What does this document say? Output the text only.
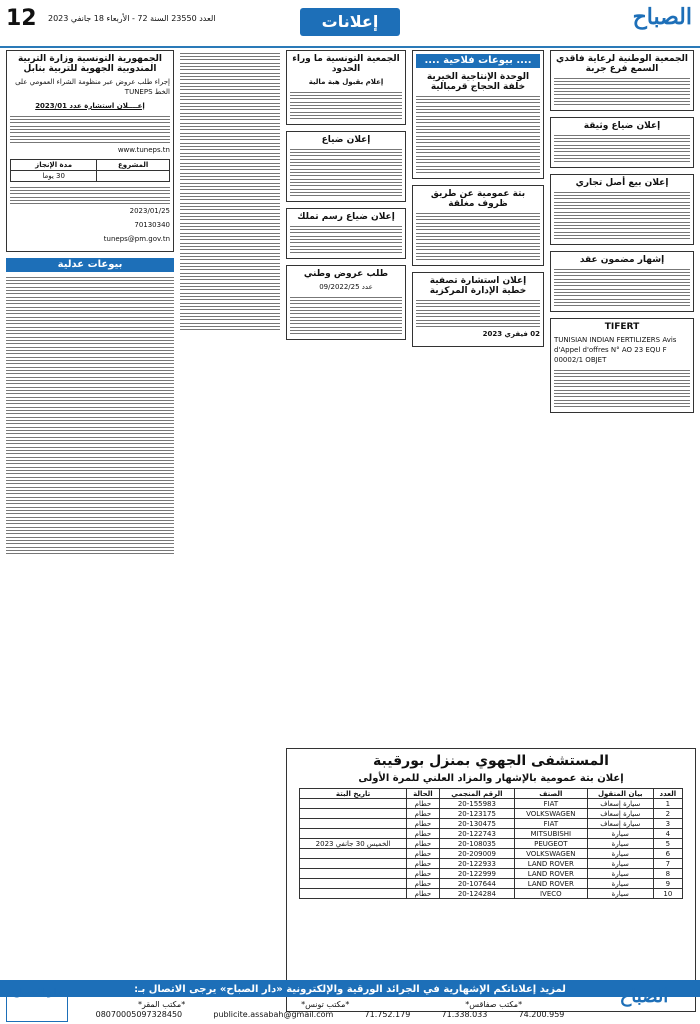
12 العدد 23550 السنة 72 - الأربعاء 18 جانفي 2023	إعلانات	الصباح
الجمهورية التونسية وزارة التربية المندوبية الجهوية للتربية بنابل

إجراء طلب عروض عبر منظومة الشراء العمومي على الخط TUNEPS

إعــــلان استشارة عدد 2023/01

www.tuneps.tn

المشروع	مدة الإنجاز
	30 يوما

2023/01/25

70130340

tuneps@pm.gov.tn

بيوعات عدلية
الجمعية التونسية ما وراء الحدود

إعلام بقبول هبة مالية

إعلان ضياع
إعلان ضياع رسم تملك
طلب عروض وطني

عدد 09/2022/25

.... بيوعات فلاحية ....
الوحدة الإنتاجية الخيرية خلفة الحجاج قرمبالية
بتة عمومية عن طريق ظروف مغلقة
إعلان استشارة تصفية خطية الإدارة المركزية

02 فيفري 2023

الجمعية الوطنية لرعاية فاقدي السمع فرع جربة
إعلان ضياع وثيقة
إعلان بيع أصل تجاري
إشهار مضمون عقد
TIFERT

TUNISIAN INDIAN FERTILIZERS Avis d'Appel d'offres N° AO 23 EQU F 00002/1 OBJET

المستشفى الجهوي بمنزل بورقيبة
إعلان بتة عمومية بالإشهار والمزاد العلني للمرة الأولى
العدد	بيان المنقول	الصنف	الرقم المنجمي	الحالة	تاريخ البتة
1	سيارة إسعاف	FIAT	20-155983	حطام	
2	سيارة إسعاف	VOLKSWAGEN	20-123175	حطام	
3	سيارة إسعاف	FIAT	20-130475	حطام	
4	سيارة	MITSUBISHI	20-122743	حطام	
5	سيارة	PEUGEOT	20-108035	حطام	الخميس 30 جانفي 2023
6	سيارة	VOLKSWAGEN	20-209009	حطام	
7	سيارة	LAND ROVER	20-122933	حطام	
8	سيارة	LAND ROVER	20-122999	حطام	
9	سيارة	LAND ROVER	20-107644	حطام	
10	سيارة	IVECO	20-124284	حطام	
لمزيد إعلاناتكم الإشهارية في الجرائد الورقية والإلكترونية «دار الصباح» يرجى الاتصال بـ:
دار الصباح	الصباح
*مكتب صفاقس*
*مكتب تونس*
*مكتب المقر*
74.200.959
71.338.033
71.752.179
publicite.assabah@gmail.com
08070005097328450
